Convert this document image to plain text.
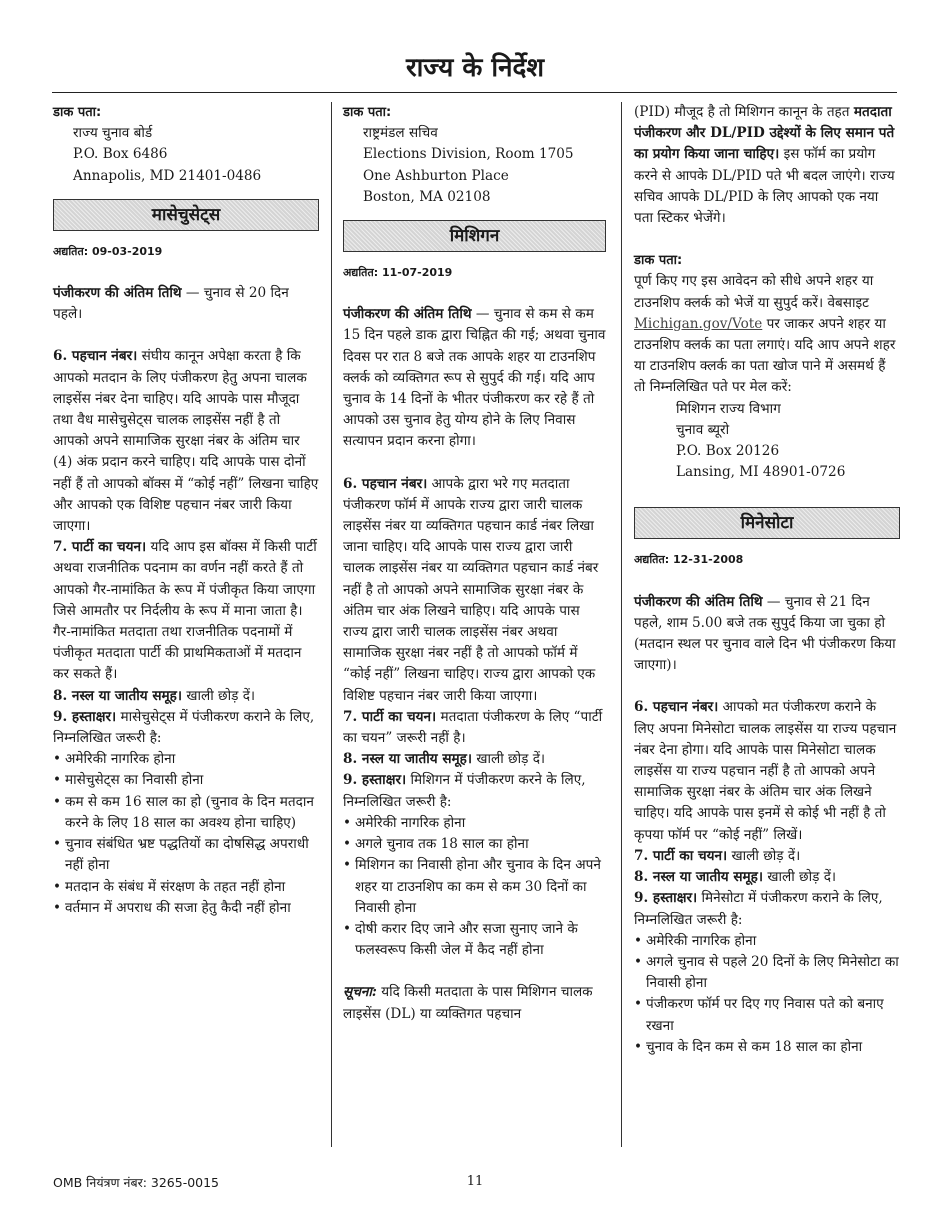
राज्य के निर्देश

डाक पता:

राज्य चुनाव बोर्ड

P.O. Box 6486

Annapolis, MD 21401-0486

मासेचुसेट्स

अद्यतित: 09-03-2019

पंजीकरण की अंतिम तिथि — चुनाव से 20 दिन पहले।

6. पहचान नंबर। संघीय कानून अपेक्षा करता है कि आपको मतदान के लिए पंजीकरण हेतु अपना चालक लाइसेंस नंबर देना चाहिए। यदि आपके पास मौजूदा तथा वैध मासेचुसेट्स चालक लाइसेंस नहीं है तो आपको अपने सामाजिक सुरक्षा नंबर के अंतिम चार (4) अंक प्रदान करने चाहिए। यदि आपके पास दोनों नहीं हैं तो आपको बॉक्स में “कोई नहीं” लिखना चाहिए और आपको एक विशिष्ट पहचान नंबर जारी किया जाएगा।

7. पार्टी का चयन। यदि आप इस बॉक्स में किसी पार्टी अथवा राजनीतिक पदनाम का वर्णन नहीं करते हैं तो आपको गैर-नामांकित के रूप में पंजीकृत किया जाएगा जिसे आमतौर पर निर्दलीय के रूप में माना जाता है। गैर-नामांकित मतदाता तथा राजनीतिक पदनामों में पंजीकृत मतदाता पार्टी की प्राथमिकताओं में मतदान कर सकते हैं।

8. नस्ल या जातीय समूह। खाली छोड़ दें।

9. हस्ताक्षर। मासेचुसेट्स में पंजीकरण कराने के लिए, निम्नलिखित जरूरी है:

• अमेरिकी नागरिक होना
• मासेचुसेट्स का निवासी होना
• कम से कम 16 साल का हो (चुनाव के दिन मतदान करने के लिए 18 साल का अवश्य होना चाहिए)
• चुनाव संबंधित भ्रष्ट पद्धतियों का दोषसिद्ध अपराधी नहीं होना
• मतदान के संबंध में संरक्षण के तहत नहीं होना
• वर्तमान में अपराध की सजा हेतु कैदी नहीं होना

डाक पता:

राष्ट्रमंडल सचिव

Elections Division, Room 1705

One Ashburton Place

Boston, MA 02108

मिशिगन

अद्यतित: 11-07-2019

पंजीकरण की अंतिम तिथि — चुनाव से कम से कम 15 दिन पहले डाक द्वारा चिह्नित की गई; अथवा चुनाव दिवस पर रात 8 बजे तक आपके शहर या टाउनशिप क्लर्क को व्यक्तिगत रूप से सुपुर्द की गई। यदि आप चुनाव के 14 दिनों के भीतर पंजीकरण कर रहे हैं तो आपको उस चुनाव हेतु योग्य होने के लिए निवास सत्यापन प्रदान करना होगा।

6. पहचान नंबर। आपके द्वारा भरे गए मतदाता पंजीकरण फॉर्म में आपके राज्य द्वारा जारी चालक लाइसेंस नंबर या व्यक्तिगत पहचान कार्ड नंबर लिखा जाना चाहिए। यदि आपके पास राज्य द्वारा जारी चालक लाइसेंस नंबर या व्यक्तिगत पहचान कार्ड नंबर नहीं है तो आपको अपने सामाजिक सुरक्षा नंबर के अंतिम चार अंक लिखने चाहिए। यदि आपके पास राज्य द्वारा जारी चालक लाइसेंस नंबर अथवा सामाजिक सुरक्षा नंबर नहीं है तो आपको फॉर्म में “कोई नहीं” लिखना चाहिए। राज्य द्वारा आपको एक विशिष्ट पहचान नंबर जारी किया जाएगा।

7. पार्टी का चयन। मतदाता पंजीकरण के लिए “पार्टी का चयन” जरूरी नहीं है।

8. नस्ल या जातीय समूह। खाली छोड़ दें।

9. हस्ताक्षर। मिशिगन में पंजीकरण करने के लिए, निम्नलिखित जरूरी है:

• अमेरिकी नागरिक होना
• अगले चुनाव तक 18 साल का होना
• मिशिगन का निवासी होना और चुनाव के दिन अपने शहर या टाउनशिप का कम से कम 30 दिनों का निवासी होना
• दोषी करार दिए जाने और सजा सुनाए जाने के फलस्वरूप किसी जेल में कैद नहीं होना

सूचना: यदि किसी मतदाता के पास मिशिगन चालक लाइसेंस (DL) या व्यक्तिगत पहचान

(PID) मौजूद है तो मिशिगन कानून के तहत मतदाता पंजीकरण और DL/PID उद्देश्यों के लिए समान पते का प्रयोग किया जाना चाहिए। इस फॉर्म का प्रयोग करने से आपके DL/PID पते भी बदल जाएंगे। राज्य सचिव आपके DL/PID के लिए आपको एक नया पता स्टिकर भेजेंगे।

डाक पता:

पूर्ण किए गए इस आवेदन को सीधे अपने शहर या टाउनशिप क्लर्क को भेजें या सुपुर्द करें। वेबसाइट Michigan.gov/Vote पर जाकर अपने शहर या टाउनशिप क्लर्क का पता लगाएं। यदि आप अपने शहर या टाउनशिप क्लर्क का पता खोज पाने में असमर्थ हैं तो निम्नलिखित पते पर मेल करें:

मिशिगन राज्य विभाग

चुनाव ब्यूरो

P.O. Box 20126

Lansing, MI 48901-0726

मिनेसोटा

अद्यतित: 12-31-2008

पंजीकरण की अंतिम तिथि — चुनाव से 21 दिन पहले, शाम 5.00 बजे तक सुपुर्द किया जा चुका हो (मतदान स्थल पर चुनाव वाले दिन भी पंजीकरण किया जाएगा)।

6. पहचान नंबर। आपको मत पंजीकरण कराने के लिए अपना मिनेसोटा चालक लाइसेंस या राज्य पहचान नंबर देना होगा। यदि आपके पास मिनेसोटा चालक लाइसेंस या राज्य पहचान नहीं है तो आपको अपने सामाजिक सुरक्षा नंबर के अंतिम चार अंक लिखने चाहिए। यदि आपके पास इनमें से कोई भी नहीं है तो कृपया फॉर्म पर “कोई नहीं” लिखें।

7. पार्टी का चयन। खाली छोड़ दें।

8. नस्ल या जातीय समूह। खाली छोड़ दें।

9. हस्ताक्षर। मिनेसोटा में पंजीकरण कराने के लिए, निम्नलिखित जरूरी है:

• अमेरिकी नागरिक होना
• अगले चुनाव से पहले 20 दिनों के लिए मिनेसोटा का निवासी होना
• पंजीकरण फॉर्म पर दिए गए निवास पते को बनाए रखना
• चुनाव के दिन कम से कम 18 साल का होना
OMB नियंत्रण नंबर: 3265-0015	11
